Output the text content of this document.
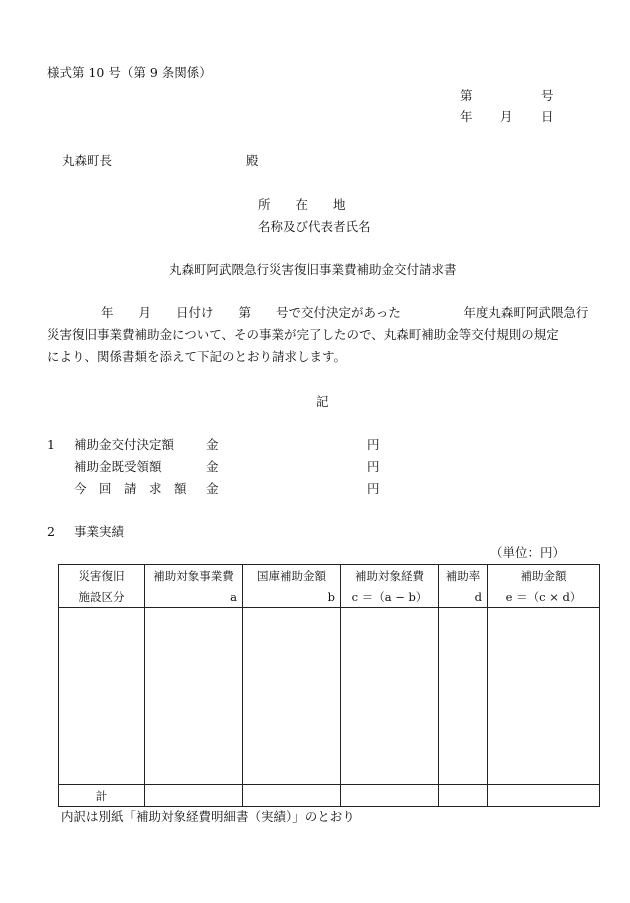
様式第 10 号（第 9 条関係）
第	号
年 月 日
丸森町長	殿
所　　在　　地
名称及び代表者氏名
丸森町阿武隈急行災害復旧事業費補助金交付請求書
年　　月　　日付け　　第　　号で交付決定があった　　　　　年度丸森町阿武隈急行
災害復旧事業費補助金について、その事業が完了したので、丸森町補助金等交付規則の規定
により、関係書類を添えて下記のとおり請求します。
記
1 補助金交付決定額	金	円
補助金既受領額	金	円
今　回　請　求　額 金	円
2 事業実績
（単位：円）
災害復旧	補助対象事業費	国庫補助金額	補助対象経費	補助率	補助金額
施設区分	a	b	c ＝（a − b）	d	e ＝（c × d）

計					
内訳は別紙「補助対象経費明細書（実績）」のとおり
